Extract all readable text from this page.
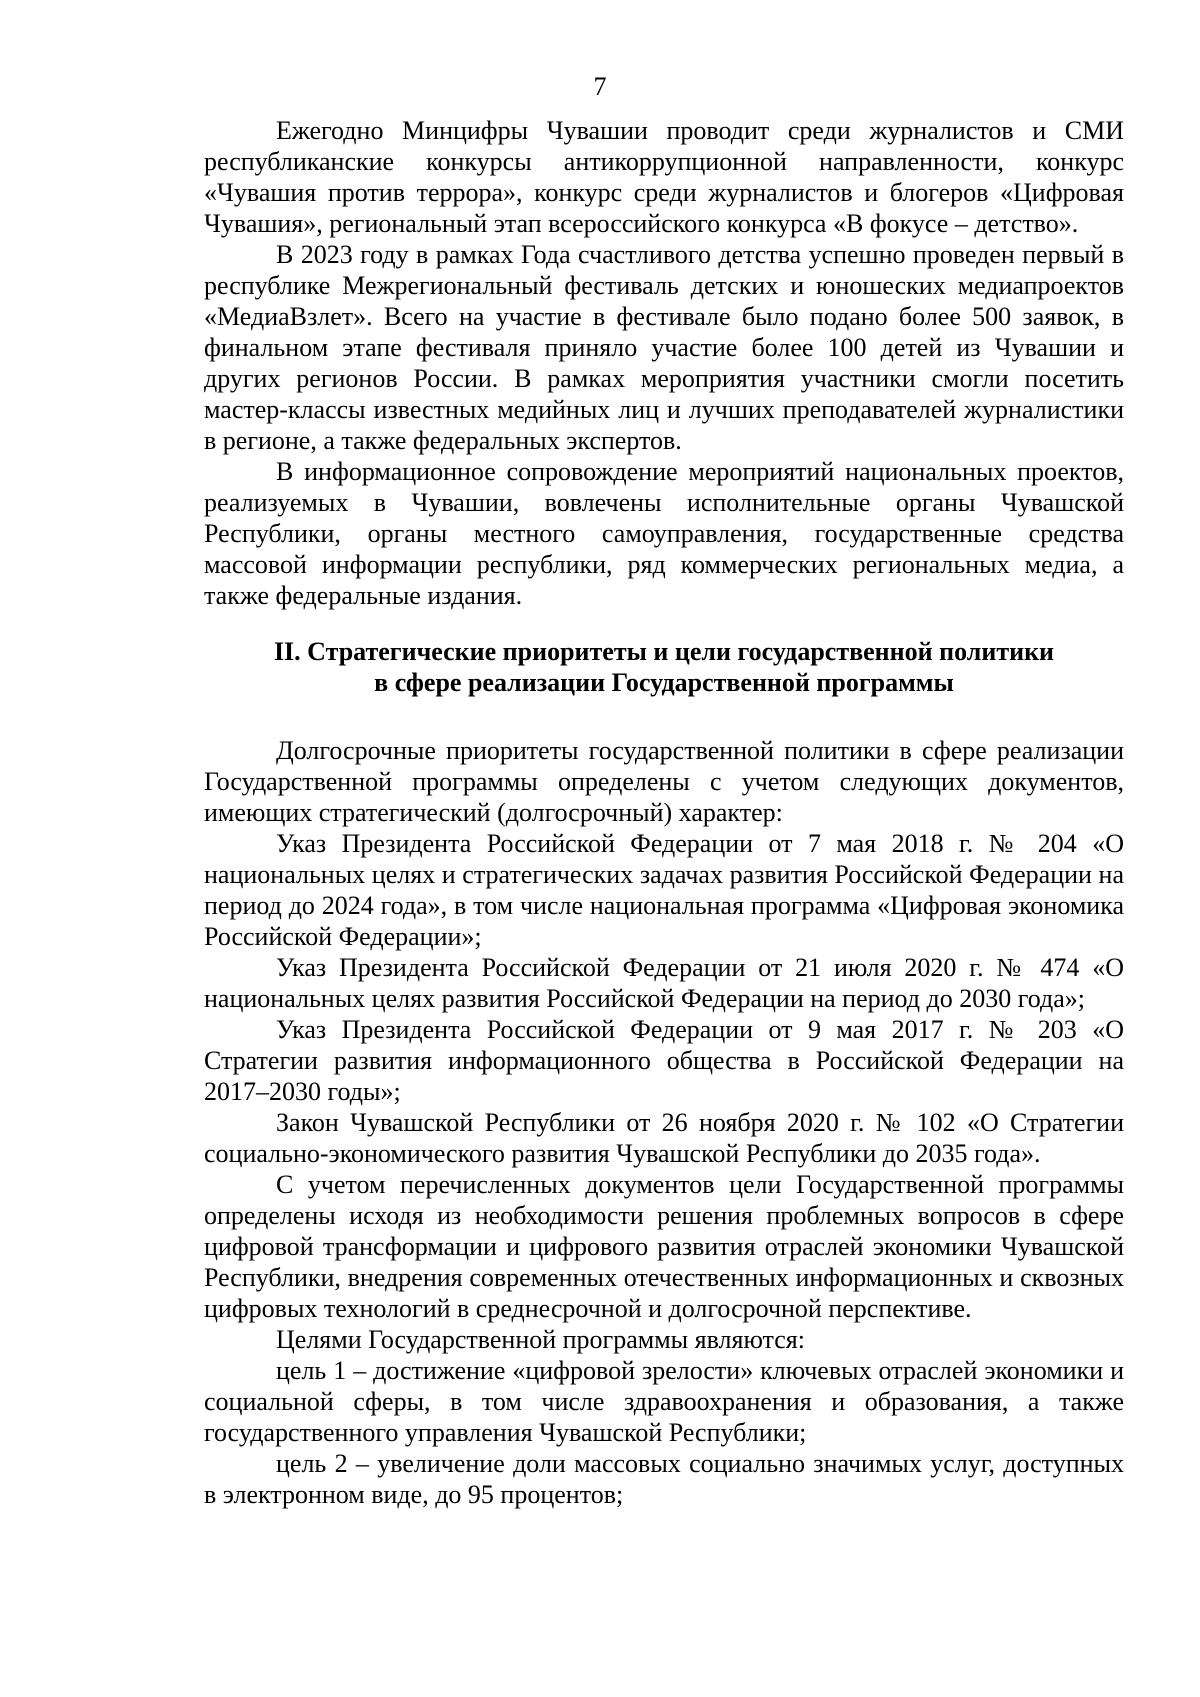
7

Ежегодно Минцифры Чувашии проводит среди журналистов и СМИ республиканские конкурсы антикоррупционной направленности, конкурс «Чувашия против террора», конкурс среди журналистов и блогеров «Цифровая Чувашия», региональный этап всероссийского конкурса «В фокусе – детство».

В 2023 году в рамках Года счастливого детства успешно проведен первый в республике Межрегиональный фестиваль детских и юношеских медиапроектов «МедиаВзлет». Всего на участие в фестивале было подано более 500 заявок, в финальном этапе фестиваля приняло участие более 100 детей из Чувашии и других регионов России. В рамках мероприятия участники смогли посетить мастер-классы известных медийных лиц и лучших преподавателей журналистики в регионе, а также федеральных экспертов.

В информационное сопровождение мероприятий национальных проектов, реализуемых в Чувашии, вовлечены исполнительные органы Чувашской Республики, органы местного самоуправления, государственные средства массовой информации республики, ряд коммерческих региональных медиа, а также федеральные издания.

II. Стратегические приоритеты и цели государственной политики
в сфере реализации Государственной программы

Долгосрочные приоритеты государственной политики в сфере реализации Государственной программы определены с учетом следующих документов, имеющих стратегический (долгосрочный) характер:

Указ Президента Российской Федерации от 7 мая 2018 г. № 204 «О национальных целях и стратегических задачах развития Российской Федерации на период до 2024 года», в том числе национальная программа «Цифровая экономика Российской Федерации»;

Указ Президента Российской Федерации от 21 июля 2020 г. № 474 «О национальных целях развития Российской Федерации на период до 2030 года»;

Указ Президента Российской Федерации от 9 мая 2017 г. № 203 «О Стратегии развития информационного общества в Российской Федерации на 2017–2030 годы»;

Закон Чувашской Республики от 26 ноября 2020 г. № 102 «О Стратегии социально-экономического развития Чувашской Республики до 2035 года».

С учетом перечисленных документов цели Государственной программы определены исходя из необходимости решения проблемных вопросов в сфере цифровой трансформации и цифрового развития отраслей экономики Чувашской Республики, внедрения современных отечественных информационных и сквозных цифровых технологий в среднесрочной и долгосрочной перспективе.

Целями Государственной программы являются:

цель 1 – достижение «цифровой зрелости» ключевых отраслей экономики и социальной сферы, в том числе здравоохранения и образования, а также государственного управления Чувашской Республики;

цель 2 – увеличение доли массовых социально значимых услуг, доступных в электронном виде, до 95 процентов;
